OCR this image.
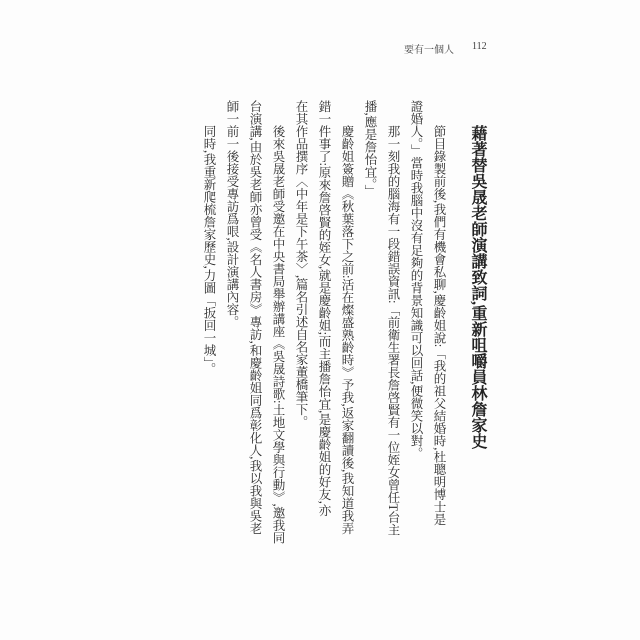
要有一個人 112
藉著替吳晟老師演講致詞,重新咀嚼員林詹家史
節目錄製前後,我們有機會私聊,慶齡姐說:「我的祖父結婚時,杜聰明博士是
證婚人。」當時我腦中沒有足夠的背景知識可以回話,便微笑以對。
那一刻我的腦海有一段錯誤資訊:「前衛生署長詹啓賢有一位姪女曾任T台主
播,應是詹怡宜。」
慶齡姐簽贈《秋葉落下之前:活在燦盛熟齡時》予我,返家翻讀後,我知道我弄
錯一件事了:原來詹啓賢的姪女,就是慶齡姐;而主播詹怡宜,是慶齡姐的好友,亦
在其作品撰序〈中年是下午茶〉,篇名引述自名家董橋筆下。
後來吳晟老師受邀在中央書局舉辦講座《吳晟詩歌:土地文學與行動》,邀我同
台演講,由於吳老師亦曾受《名人書房》專訪,和慶齡姐同爲彰化人,我以我與吳老
師一前一後接受專訪爲哏,設計演講內容。
同時,我重新爬梳詹家歷史,力圖「扳回一城」。
